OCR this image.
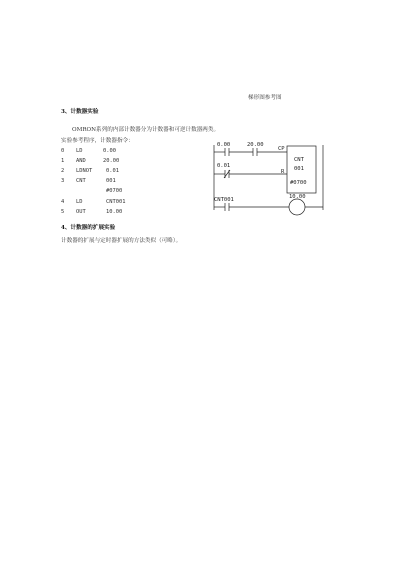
梯形图参考图
3、计数器实验
OMRON系列的内部计数器分为计数器和可逆计数器两类。
实验参考程序，计数器指令：
0 LD	0.00
1 AND	20.00
2 LDNOT	0.01
3 CNT	001
#0700
4 LD	CNT001
5 OUT	10.00
0.00	20.00
CP
0.01
R
CNT
001
#0700
CNT001	10.00
4、计数器的扩展实验
计数器的扩展与定时器扩展的方法类似（可略）。
